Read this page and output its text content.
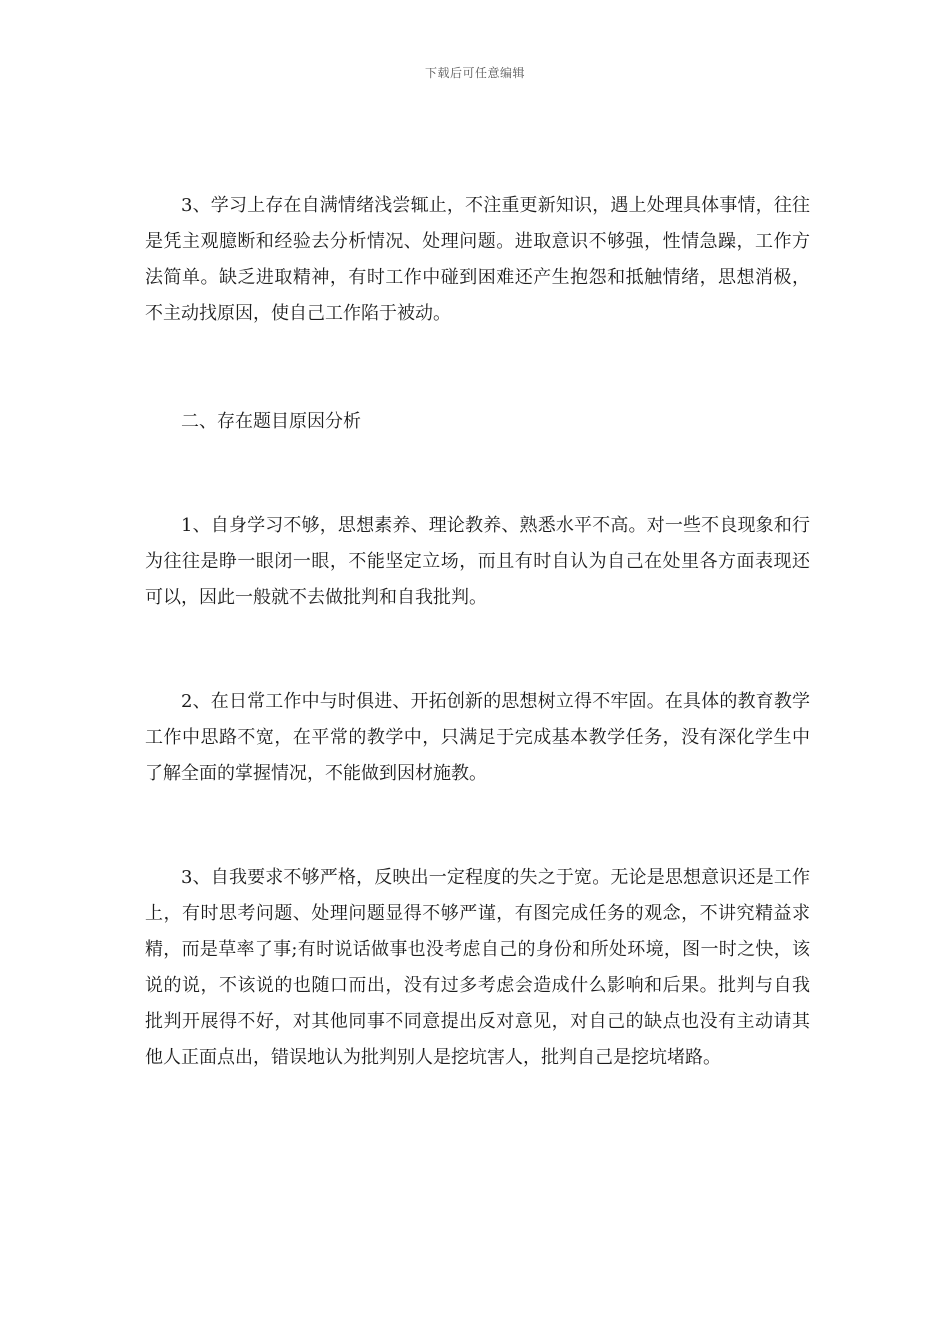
下载后可任意编辑

3、学习上存在自满情绪浅尝辄止，不注重更新知识，遇上处理具体事情，往往是凭主观臆断和经验去分析情况、处理问题。进取意识不够强，性情急躁，工作方法简单。缺乏进取精神，有时工作中碰到困难还产生抱怨和抵触情绪，思想消极，不主动找原因，使自己工作陷于被动。

二、存在题目原因分析

1、自身学习不够，思想素养、理论教养、熟悉水平不高。对一些不良现象和行为往往是睁一眼闭一眼，不能坚定立场，而且有时自认为自己在处里各方面表现还可以，因此一般就不去做批判和自我批判。

2、在日常工作中与时俱进、开拓创新的思想树立得不牢固。在具体的教育教学工作中思路不宽，在平常的教学中，只满足于完成基本教学任务，没有深化学生中了解全面的掌握情况，不能做到因材施教。

3、自我要求不够严格，反映出一定程度的失之于宽。无论是思想意识还是工作上，有时思考问题、处理问题显得不够严谨，有图完成任务的观念，不讲究精益求精，而是草率了事;有时说话做事也没考虑自己的身份和所处环境，图一时之快，该说的说，不该说的也随口而出，没有过多考虑会造成什么影响和后果。批判与自我批判开展得不好，对其他同事不同意提出反对意见，对自己的缺点也没有主动请其他人正面点出，错误地认为批判别人是挖坑害人，批判自己是挖坑堵路。
